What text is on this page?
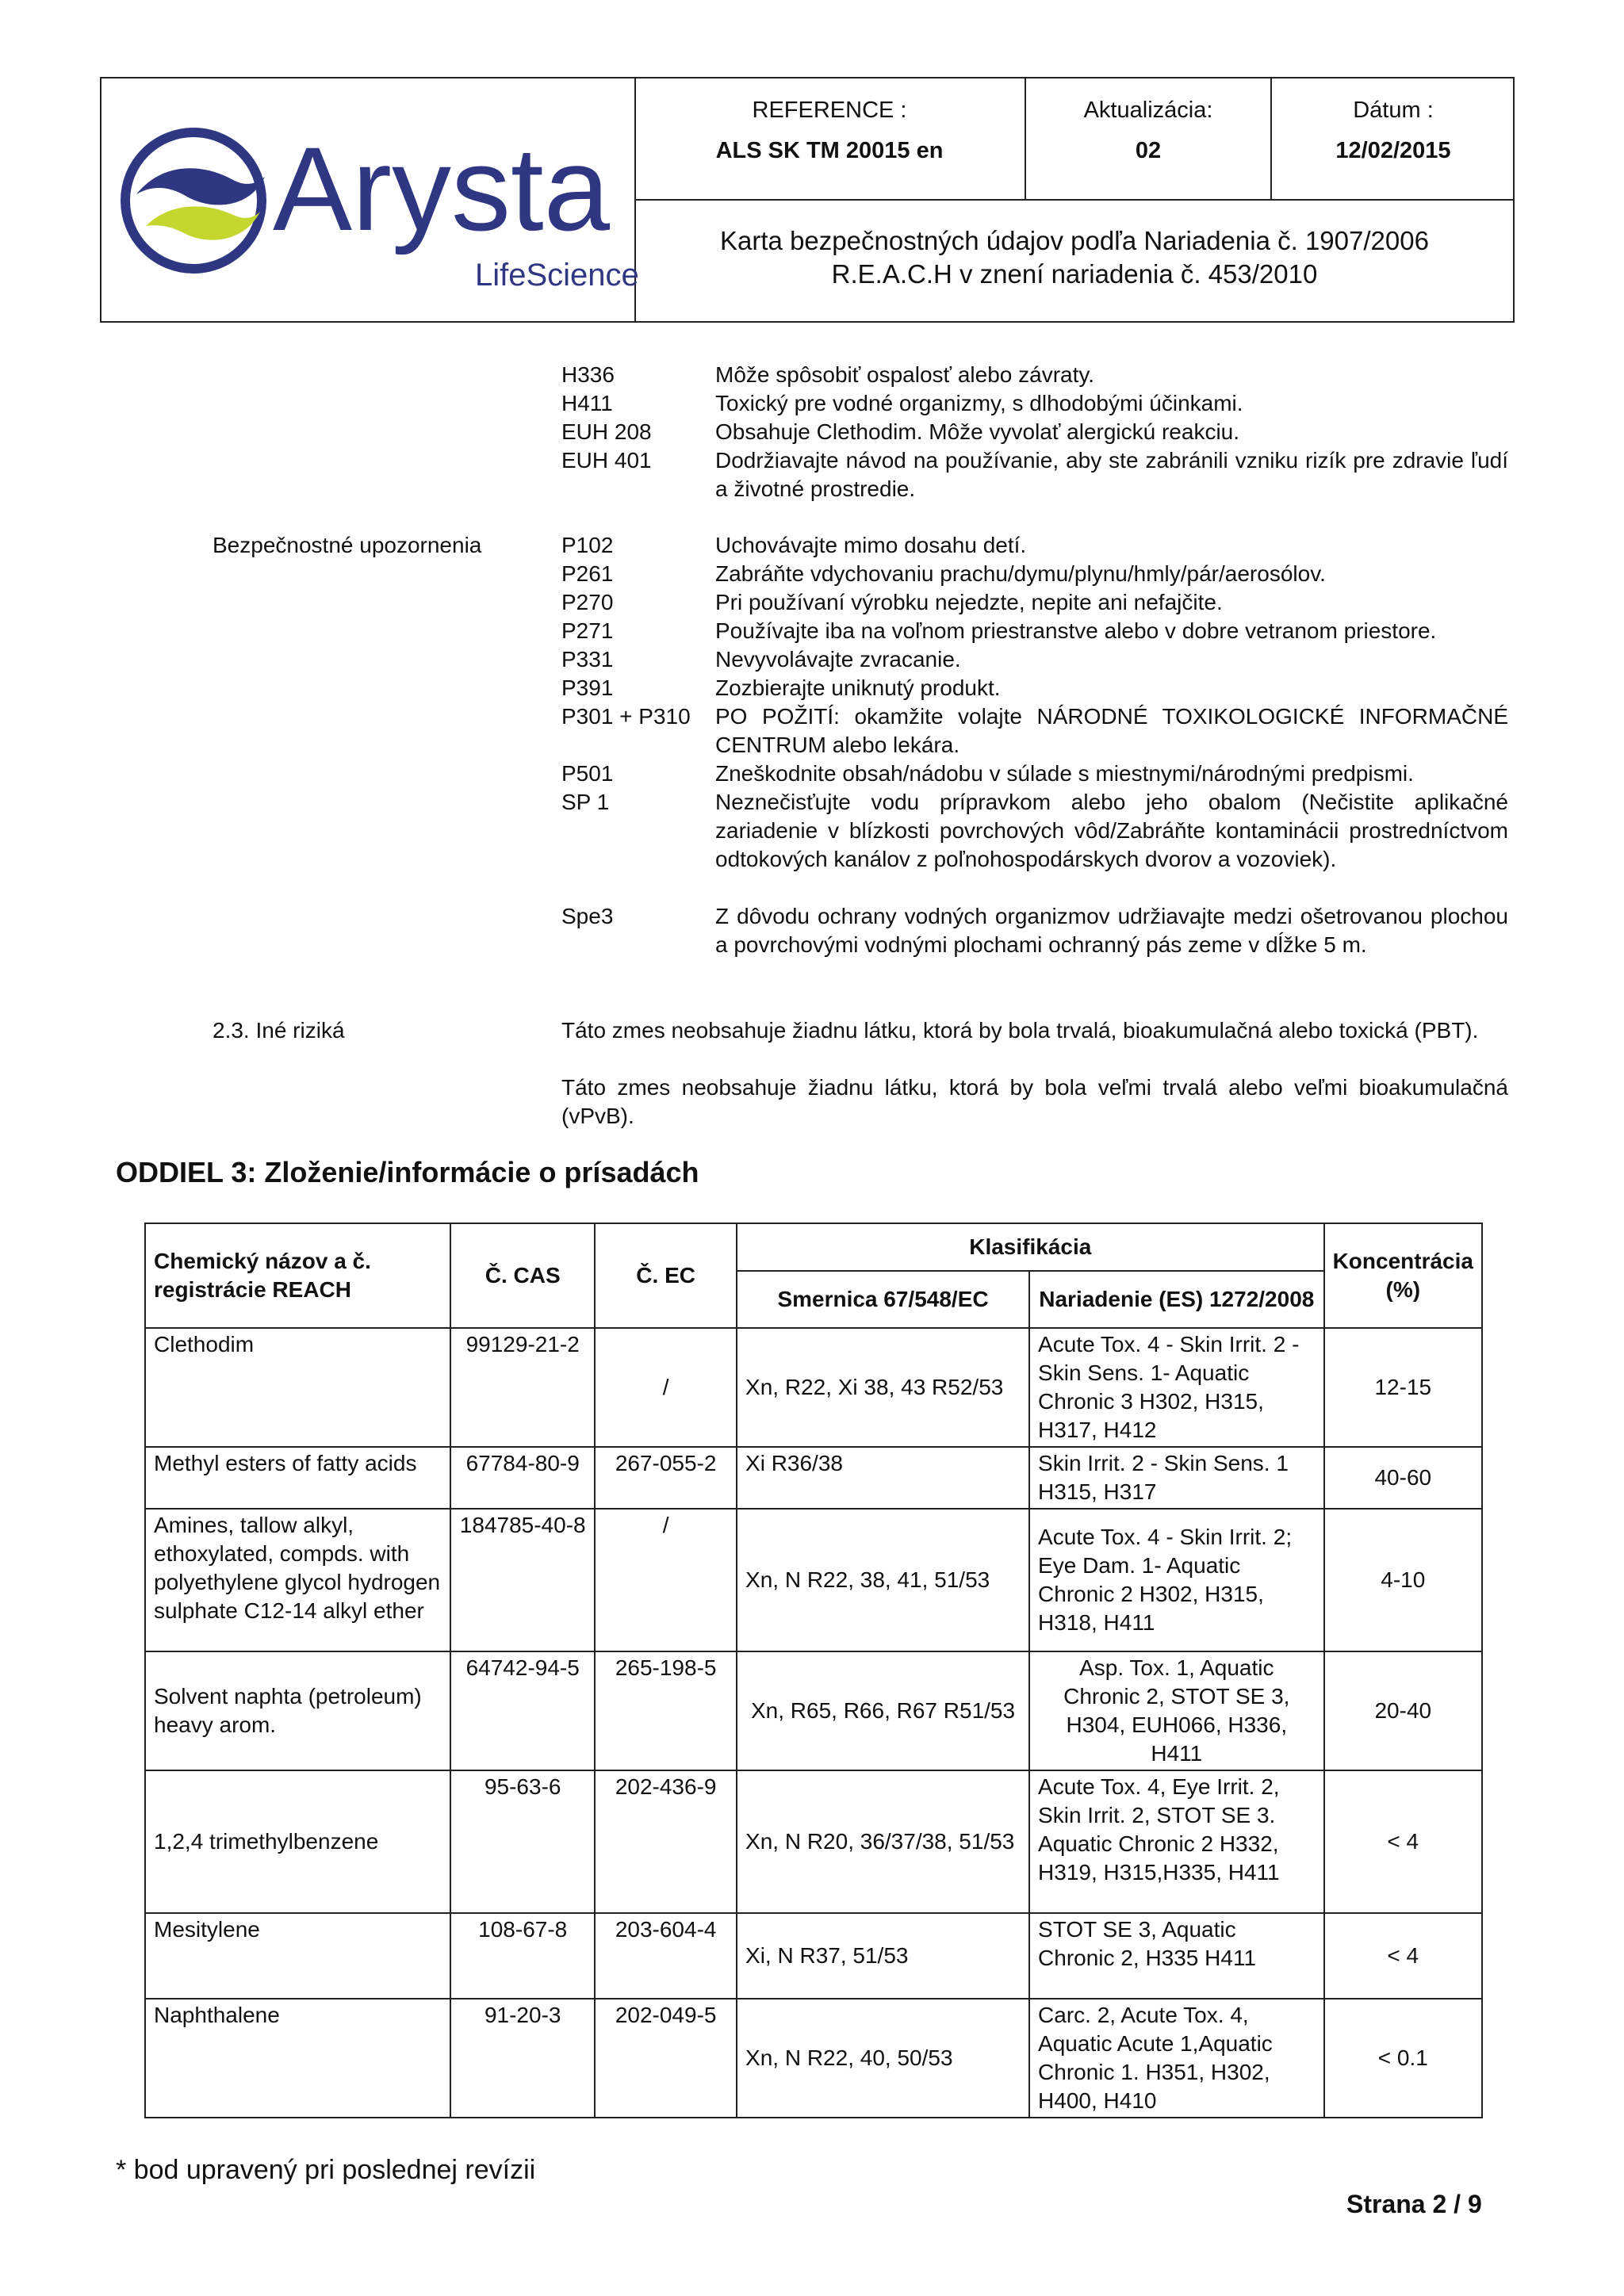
Arysta
LifeScience
REFERENCE :
ALS SK TM 20015 en
Aktualizácia:
02
Dátum :
12/02/2015
Karta bezpečnostných údajov podľa Nariadenia č. 1907/2006
R.E.A.C.H v znení nariadenia č. 453/2010
H336	Môže spôsobiť ospalosť alebo závraty.
H411	Toxický pre vodné organizmy, s dlhodobými účinkami.
EUH 208	Obsahuje Clethodim. Môže vyvolať alergickú reakciu.
EUH 401	Dodržiavajte návod na používanie, aby ste zabránili vzniku rizík pre zdravie ľudí a životné prostredie.
Bezpečnostné upozornenia	P102	Uchovávajte mimo dosahu detí.
P261	Zabráňte vdychovaniu prachu/dymu/plynu/hmly/pár/aerosólov.
P270	Pri používaní výrobku nejedzte, nepite ani nefajčite.
P271	Používajte iba na voľnom priestranstve alebo v dobre vetranom priestore.
P331	Nevyvolávajte zvracanie.
P391	Zozbierajte uniknutý produkt.
P301 + P310 PO POŽITÍ: okamžite volajte NÁRODNÉ TOXIKOLOGICKÉ INFORMAČNÉ CENTRUM alebo lekára.
P501	Zneškodnite obsah/nádobu v súlade s miestnymi/národnými predpismi.
SP 1	Neznečisťujte vodu prípravkom alebo jeho obalom (Nečistite aplikačné zariadenie v blízkosti povrchových vôd/Zabráňte kontaminácii prostredníctvom odtokových kanálov z poľnohospodárskych dvorov a vozoviek).
Spe3	Z dôvodu ochrany vodných organizmov udržiavajte medzi ošetrovanou plochou a povrchovými vodnými plochami ochranný pás zeme v dĺžke 5 m.
2.3. Iné riziká	Táto zmes neobsahuje žiadnu látku, ktorá by bola trvalá, bioakumulačná alebo toxická (PBT).
Táto zmes neobsahuje žiadnu látku, ktorá by bola veľmi trvalá alebo veľmi bioakumulačná (vPvB).
ODDIEL 3: Zloženie/informácie o prísadách
Chemický názov a č. registrácie REACH	Č. CAS	Č. EC	Klasifikácia		Koncentrácia (%)
			Smernica 67/548/EC	Nariadenie (ES) 1272/2008	
Clethodim	99129-21-2	/	Xn, R22, Xi 38, 43 R52/53	Acute Tox. 4 - Skin Irrit. 2 - Skin Sens. 1- Aquatic Chronic 3 H302, H315, H317, H412	12-15
Methyl esters of fatty acids	67784-80-9	267-055-2	Xi R36/38	Skin Irrit. 2 - Skin Sens. 1 H315, H317	40-60
Amines, tallow alkyl, ethoxylated, compds. with polyethylene glycol hydrogen sulphate C12-14 alkyl ether	184785-40-8	/	Xn, N R22, 38, 41, 51/53	Acute Tox. 4 - Skin Irrit. 2; Eye Dam. 1- Aquatic Chronic 2 H302, H315, H318, H411	4-10
Solvent naphta (petroleum) heavy arom.	64742-94-5	265-198-5	Xn, R65, R66, R67 R51/53	Asp. Tox. 1, Aquatic Chronic 2, STOT SE 3, H304, EUH066, H336, H411	20-40
1,2,4 trimethylbenzene	95-63-6	202-436-9	Xn, N R20, 36/37/38, 51/53	Acute Tox. 4, Eye Irrit. 2, Skin Irrit. 2, STOT SE 3. Aquatic Chronic 2 H332, H319, H315,H335, H411	< 4
Mesitylene	108-67-8	203-604-4	Xi, N R37, 51/53	STOT SE 3, Aquatic Chronic 2, H335 H411	< 4
Naphthalene	91-20-3	202-049-5	Xn, N R22, 40, 50/53	Carc. 2, Acute Tox. 4, Aquatic Acute 1,Aquatic Chronic 1. H351, H302, H400, H410	< 0.1
* bod upravený pri poslednej revízii
Strana 2 / 9
